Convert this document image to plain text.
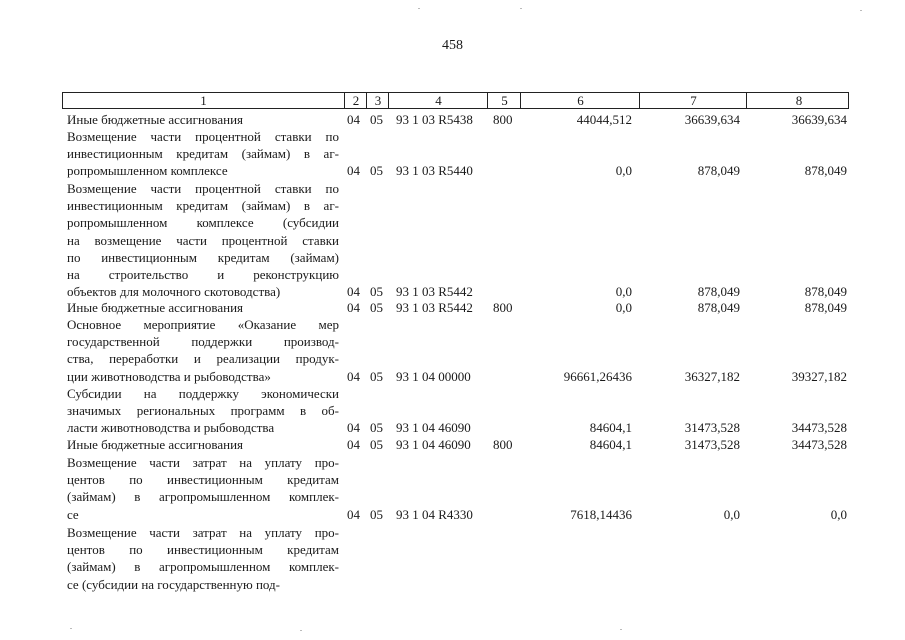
458
1	2	3	4	5	6	7	8
Иные бюджетные ассигнования	04 05 93 1 03 R5438 800	44044,512	36639,634	36639,634
Возмещение части процентной ставки по
инвестиционным кредитам (займам) в аг-
ропромышленном комплексе	04 05 93 1 03 R5440	0,0	878,049	878,049
Возмещение части процентной ставки по
инвестиционным кредитам (займам) в аг-
ропромышленном комплексе (субсидии
на возмещение части процентной ставки
по инвестиционным кредитам (займам)
на строительство и реконструкцию
объектов для молочного скотоводства)	04 05 93 1 03 R5442	0,0	878,049	878,049
Иные бюджетные ассигнования	04 05 93 1 03 R5442 800	0,0	878,049	878,049
Основное мероприятие «Оказание мер
государственной поддержки производ-
ства, переработки и реализации продук-
ции животноводства и рыбоводства»	04 05 93 1 04 00000	96661,26436	36327,182	39327,182
Субсидии на поддержку экономически
значимых региональных программ в об-
ласти животноводства и рыбоводства	04 05 93 1 04 46090	84604,1	31473,528	34473,528
Иные бюджетные ассигнования	04 05 93 1 04 46090 800	84604,1	31473,528	34473,528
Возмещение части затрат на уплату про-
центов по инвестиционным кредитам
(займам) в агропромышленном комплек-
се	04 05 93 1 04 R4330	7618,14436	0,0	0,0
Возмещение части затрат на уплату про-
центов по инвестиционным кредитам
(займам) в агропромышленном комплек-
се (субсидии на государственную под-
